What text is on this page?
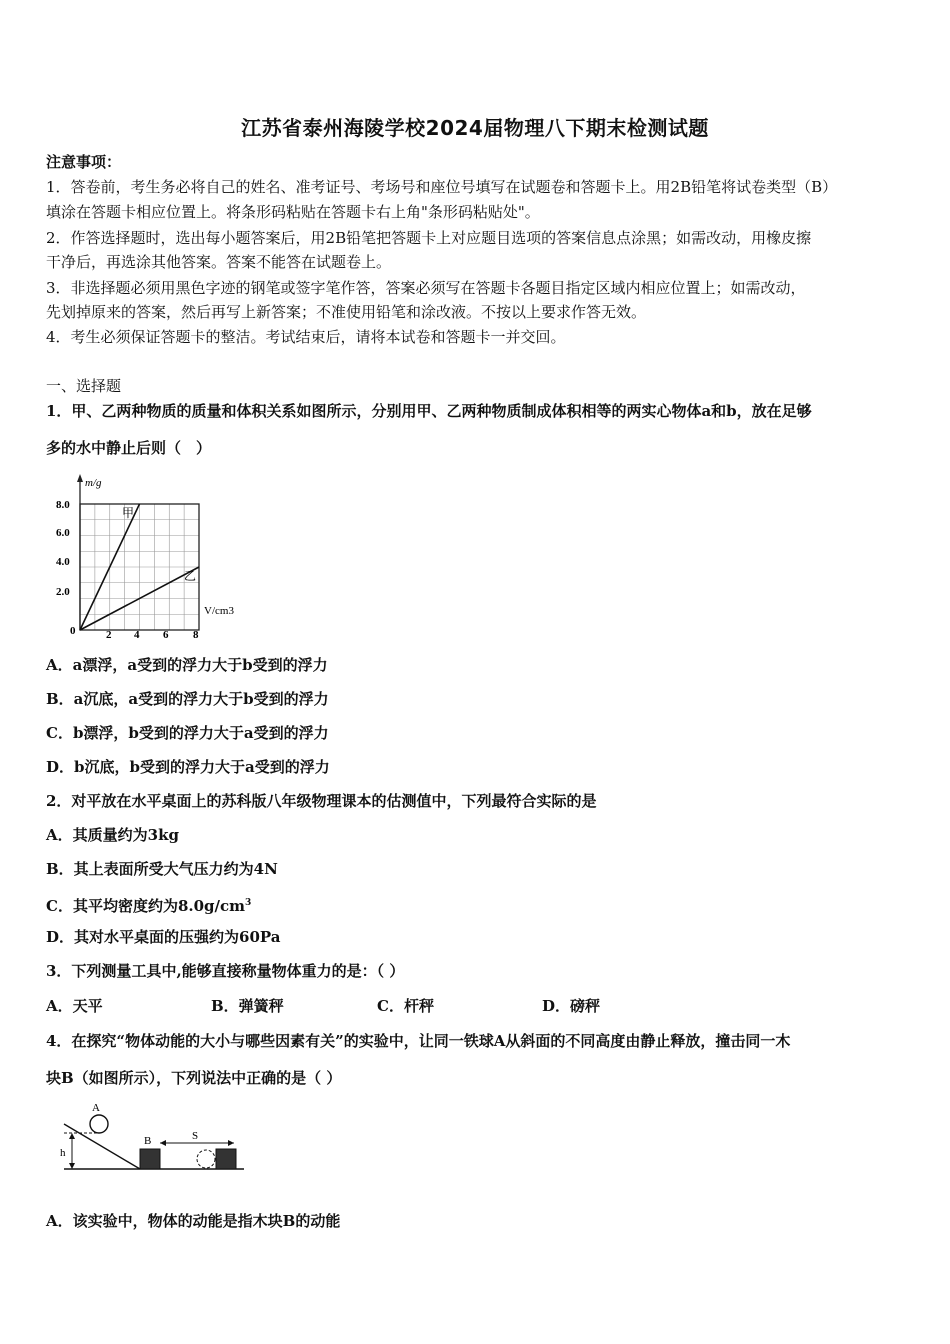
江苏省泰州海陵学校2024届物理八下期末检测试题
注意事项：
1．答卷前，考生务必将自己的姓名、准考证号、考场号和座位号填写在试题卷和答题卡上。用2B铅笔将试卷类型（B）
填涂在答题卡相应位置上。将条形码粘贴在答题卡右上角"条形码粘贴处"。
2．作答选择题时，选出每小题答案后，用2B铅笔把答题卡上对应题目选项的答案信息点涂黑；如需改动，用橡皮擦
干净后，再选涂其他答案。答案不能答在试题卷上。
3．非选择题必须用黑色字迹的钢笔或签字笔作答，答案必须写在答题卡各题目指定区域内相应位置上；如需改动，
先划掉原来的答案，然后再写上新答案；不准使用铅笔和涂改液。不按以上要求作答无效。
4．考生必须保证答题卡的整洁。考试结束后，请将本试卷和答题卡一并交回。
一、选择题
1．甲、乙两种物质的质量和体积关系如图所示，分别用甲、乙两种物质制成体积相等的两实心物体a和b，放在足够
多的水中静止后则（　）
m/g
V/cm3
0
2.0
4.0
6.0
8.0
2 4 6 8
甲
乙
A．a漂浮，a受到的浮力大于b受到的浮力
B．a沉底，a受到的浮力大于b受到的浮力
C．b漂浮，b受到的浮力大于a受到的浮力
D．b沉底，b受到的浮力大于a受到的浮力
2．对平放在水平桌面上的苏科版八年级物理课本的估测值中，下列最符合实际的是
A．其质量约为3kg
B．其上表面所受大气压力约为4N
C．其平均密度约为$8.0g/cm^3$
D．其对水平桌面的压强约为60Pa
3．下列测量工具中,能够直接称量物体重力的是：（ ）
A．天平	B．弹簧秤	C．杆秤	D．磅秤
4．在探究“物体动能的大小与哪些因素有关”的实验中，让同一铁球A从斜面的不同高度由静止释放，撞击同一木
块B（如图所示），下列说法中正确的是（ ）
h
A
B	S
A．该实验中，物体的动能是指木块B的动能
